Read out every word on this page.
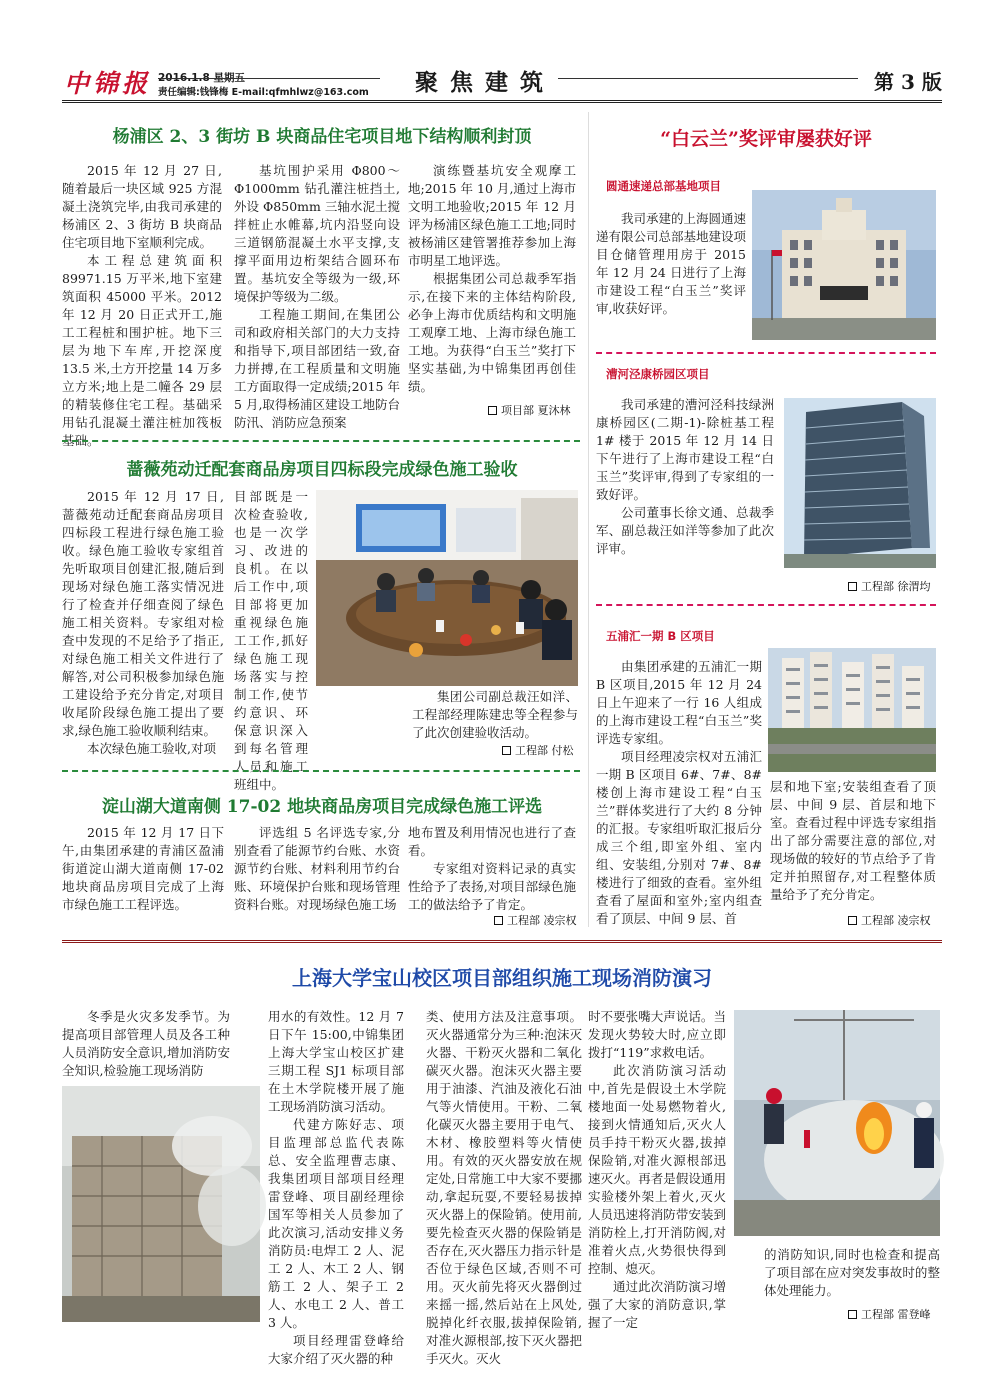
中锦报 2016.1.8 星期五
责任编辑:钱锋梅 E-mail:qfmhlwz@163.com 聚 焦 建 筑	第 3 版
杨浦区 2、3 街坊 B 块商品住宅项目地下结构顺利封顶

2015 年 12 月 27 日,随着最后一块区域 925 方混凝土浇筑完毕,由我司承建的杨浦区 2、3 街坊 B 块商品住宅项目地下室顺利完成。

本工程总建筑面积 89971.15 万平米,地下室建筑面积 45000 平米。2012 年 12 月 20 日正式开工,施工工程桩和围护桩。地下三层为地下车库,开挖深度 13.5 米,土方开挖量 14 万多立方米;地上是二幢各 29 层的精装修住宅工程。基础采用钻孔混凝土灌注桩加筏板基础。

基坑围护采用 Φ800～Φ1000mm 钻孔灌注桩挡土,外设 Φ850mm 三轴水泥土搅拌桩止水帷幕,坑内沿竖向设三道钢筋混凝土水平支撑,支撑平面用边桁架结合圆环布置。基坑安全等级为一级,环境保护等级为二级。

工程施工期间,在集团公司和政府相关部门的大力支持和指导下,项目部团结一致,奋力拼搏,在工程质量和文明施工方面取得一定成绩;2015 年 5 月,取得杨浦区建设工地防台防汛、消防应急预案

演练暨基坑安全观摩工地;2015 年 10 月,通过上海市文明工地验收;2015 年 12 月评为杨浦区绿色施工工地;同时被杨浦区建管署推荐参加上海市明星工地评选。

根据集团公司总裁季军指示,在接下来的主体结构阶段,必争上海市优质结构和文明施工观摩工地、上海市绿色施工工地。为获得“白玉兰”奖打下坚实基础,为中锦集团再创佳绩。

项目部 夏沐林
蔷薇苑动迁配套商品房项目四标段完成绿色施工验收

2015 年 12 月 17 日,蔷薇苑动迁配套商品房项目四标段工程进行绿色施工验收。绿色施工验收专家组首先听取项目创建汇报,随后到现场对绿色施工落实情况进行了检查并仔细查阅了绿色施工相关资料。专家组对检查中发现的不足给予了指正,对绿色施工相关文件进行了解答,对公司积极参加绿色施工建设给予充分肯定,对项目收尾阶段绿色施工提出了要求,绿色施工验收顺利结束。

本次绿色施工验收,对项

目部既是一次检查验收,也是一次学习、改进的良机。在以后工作中,项目部将更加重视绿色施工工作,抓好绿色施工现场落实与控制工作,使节约意识、环保意识深入到每名管理人员和施工班组中。

集团公司副总裁汪如洋、工程部经理陈建忠等全程参与了此次创建验收活动。

工程部 付松
淀山湖大道南侧 17-02 地块商品房项目完成绿色施工评选

2015 年 12 月 17 日下午,由集团承建的青浦区盈浦街道淀山湖大道南侧 17-02 地块商品房项目完成了上海市绿色施工工程评选。

评选组 5 名评选专家,分别查看了能源节约台账、水资源节约台账、材料利用节约台账、环境保护台账和现场管理资料台账。对现场绿色施工场

地布置及利用情况也进行了查看。

专家组对资料记录的真实性给予了表扬,对项目部绿色施工的做法给予了肯定。

工程部 凌宗权
“白云兰”奖评审屡获好评
圆通速递总部基地项目

我司承建的上海圆通速递有限公司总部基地建设项目仓储管理用房于 2015 年 12 月 24 日进行了上海市建设工程“白玉兰”奖评审,收获好评。

漕河泾康桥园区项目

我司承建的漕河泾科技绿洲康桥园区(二期-1)-除桩基工程 1# 楼于 2015 年 12 月 14 日下午进行了上海市建设工程“白玉兰”奖评审,得到了专家组的一致好评。

公司董事长徐文通、总裁季军、副总裁汪如洋等参加了此次评审。

工程部 徐渭均
五浦汇一期 B 区项目

由集团承建的五浦汇一期 B 区项目,2015 年 12 月 24 日上午迎来了一行 16 人组成的上海市建设工程“白玉兰”奖评选专家组。

项目经理凌宗权对五浦汇一期 B 区项目 6#、7#、8# 楼创上海市建设工程“白玉兰”群体奖进行了大约 8 分钟的汇报。专家组听取汇报后分成三个组,即室外组、室内组、安装组,分别对 7#、8# 楼进行了细致的查看。室外组查看了屋面和室外;室内组查看了顶层、中间 9 层、首

层和地下室;安装组查看了顶层、中间 9 层、首层和地下室。查看过程中评选专家组指出了部分需要注意的部位,对现场做的较好的节点给予了肯定并拍照留存,对工程整体质量给予了充分肯定。
工程部 凌宗权
上海大学宝山校区项目部组织施工现场消防演习

冬季是火灾多发季节。为提高项目部管理人员及各工种人员消防安全意识,增加消防安全知识,检验施工现场消防

用水的有效性。12 月 7 日下午 15:00,中锦集团上海大学宝山校区扩建三期工程 SJ1 标项目部在土木学院楼开展了施工现场消防演习活动。

代建方陈好志、项目监理部总监代表陈总、安全监理曹志康、我集团项目部项目经理雷登峰、项目副经理徐国军等相关人员参加了此次演习,活动安排义务消防员:电焊工 2 人、泥工 2 人、木工 2 人、钢筋工 2 人、架子工 2 人、水电工 2 人、普工 3 人。

项目经理雷登峰给大家介绍了灭火器的种

类、使用方法及注意事项。灭火器通常分为三种:泡沫灭火器、干粉灭火器和二氧化碳灭火器。泡沫灭火器主要用于油漆、汽油及液化石油气等火情使用。干粉、二氧化碳灭火器主要用于电气、木材、橡胶塑料等火情使用。有效的灭火器安放在规定处,日常施工中大家不要挪动,拿起玩耍,不要轻易拔掉灭火器上的保险销。使用前,要先检查灭火器的保险销是否存在,灭火器压力指示针是否位于绿色区域,否则不可用。灭火前先将灭火器倒过来摇一摇,然后站在上风处,脱掉化纤衣服,拔掉保险销,对准火源根部,按下灭火器把手灭火。灭火

时不要张嘴大声说话。当发现火势较大时,应立即拨打“119”求救电话。

此次消防演习活动中,首先是假设土木学院楼地面一处易燃物着火,接到火情通知后,灭火人员手持干粉灭火器,拔掉保险销,对准火源根部迅速灭火。再者是假设通用实验楼外架上着火,灭火人员迅速将消防带安装到消防栓上,打开消防阀,对准着火点,火势很快得到控制、熄灭。

通过此次消防演习增强了大家的消防意识,掌握了一定

的消防知识,同时也检查和提高了项目部在应对突发事故时的整体处理能力。
工程部 雷登峰
